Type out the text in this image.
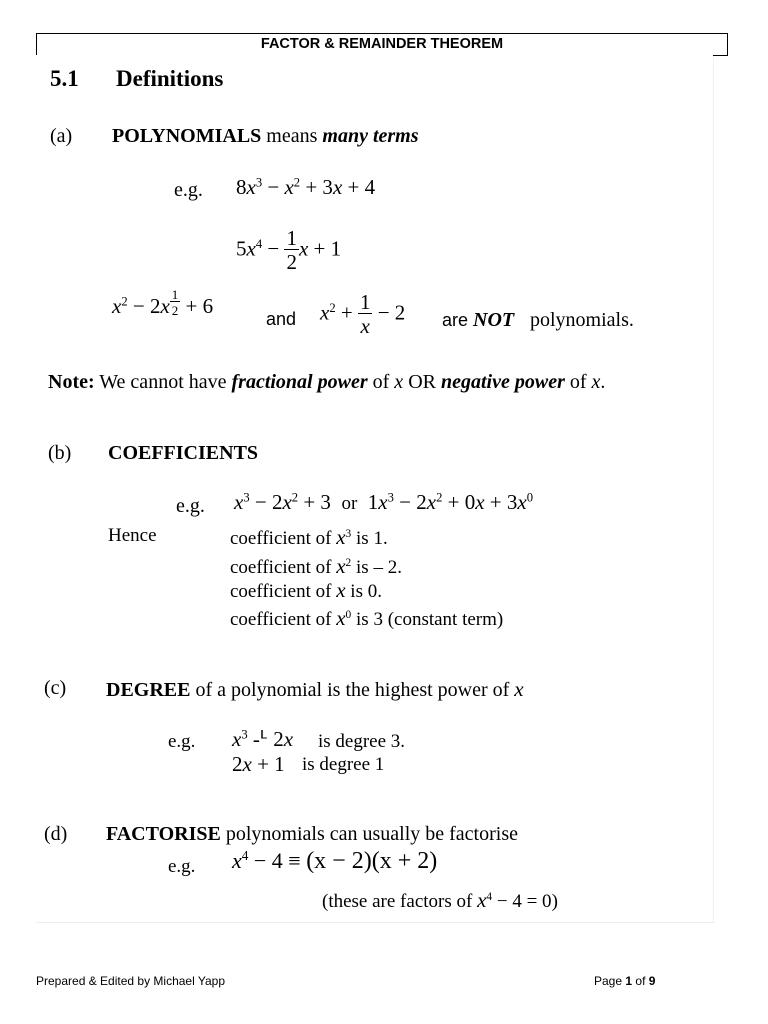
FACTOR & REMAINDER THEOREM
5.1 Definitions
(a) POLYNOMIALS means many terms
e.g. $8x^3 - x^2 + 3x + 4$
$5x^4 - \frac{1}{2}$ x + 1
$x^2 - 2x$ $^{\frac{1}{2}}$ + 6
and $x^2 + \frac{1}{x} - 2$ are NOT polynomials.
Note: We cannot have fractional power of x OR negative power of x.
(b) COEFFICIENTS
e.g. $x^3 - 2x^2 + 3$ or $1x^3 - 2x^2 + 0x + 3x^0$
Hence	coefficient of $x^3$ is 1.
coefficient of $x^2$ is – 2.
coefficient of x is 0.
coefficient of $x^0$ is 3 (constant term)
(c) DEGREE of a polynomial is the highest power of x
e.g. $x^3$ -ᒻ 2x is degree 3.
2x + 1 is degree 1
(d) FACTORISE polynomials can usually be factorise
e.g. $x^4 - 4 \equiv (x - 2)(x + 2)$
(these are factors of $x^4 - 4 = 0$)
Prepared & Edited by Michael Yapp	Page 1 of 9
